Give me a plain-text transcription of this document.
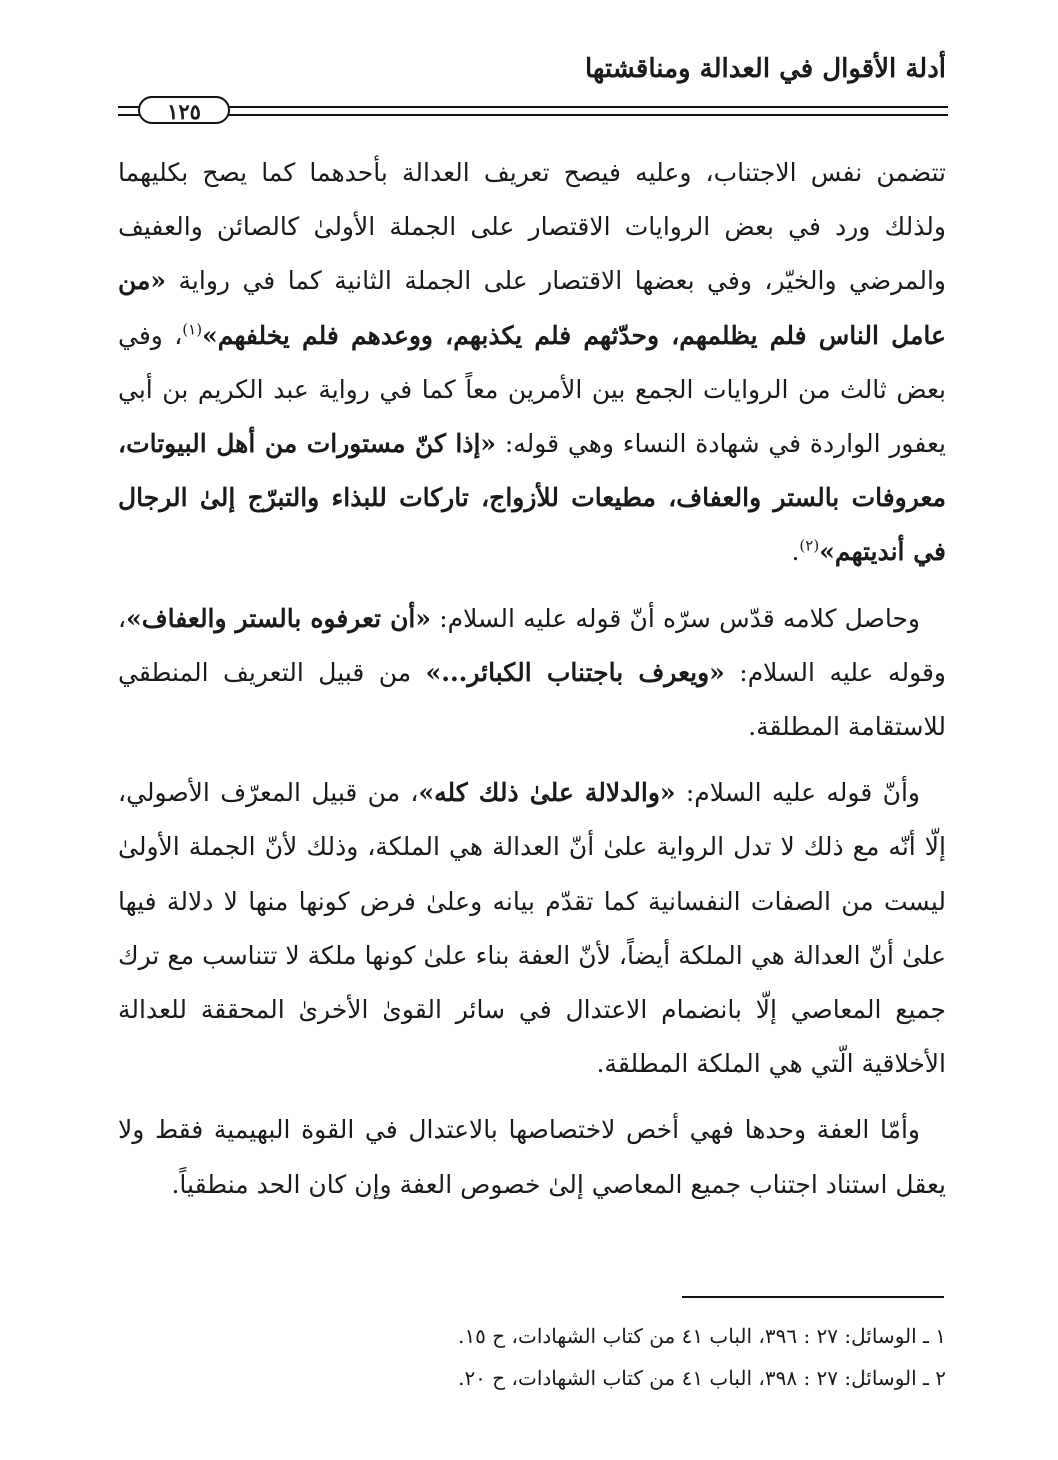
أدلة الأقوال في العدالة ومناقشتها
١٢٥

تتضمن نفس الاجتناب، وعليه فيصح تعريف العدالة بأحدهما كما يصح بكليهما ولذلك ورد في بعض الروايات الاقتصار على الجملة الأولىٰ كالصائن والعفيف والمرضي والخيّر، وفي بعضها الاقتصار على الجملة الثانية كما في رواية «من عامل الناس فلم يظلمهم، وحدّثهم فلم يكذبهم، ووعدهم فلم يخلفهم»$^{(١)}$، وفي بعض ثالث من الروايات الجمع بين الأمرين معاً كما في رواية عبد الكريم بن أبي يعفور الواردة في شهادة النساء وهي قوله: «إذا كنّ مستورات من أهل البيوتات، معروفات بالستر والعفاف، مطيعات للأزواج، تاركات للبذاء والتبرّج إلىٰ الرجال في أنديتهم»$^{(٢)}$.

وحاصل كلامه قدّس سرّه أنّ قوله عليه السلام: «أن تعرفوه بالستر والعفاف»، وقوله عليه السلام: «ويعرف باجتناب الكبائر...» من قبيل التعريف المنطقي للاستقامة المطلقة.

وأنّ قوله عليه السلام: «والدلالة علىٰ ذلك كله»، من قبيل المعرّف الأصولي، إلّا أنّه مع ذلك لا تدل الرواية علىٰ أنّ العدالة هي الملكة، وذلك لأنّ الجملة الأولىٰ ليست من الصفات النفسانية كما تقدّم بيانه وعلىٰ فرض كونها منها لا دلالة فيها علىٰ أنّ العدالة هي الملكة أيضاً، لأنّ العفة بناء علىٰ كونها ملكة لا تتناسب مع ترك جميع المعاصي إلّا بانضمام الاعتدال في سائر القوىٰ الأخرىٰ المحققة للعدالة الأخلاقية الّتي هي الملكة المطلقة.

وأمّا العفة وحدها فهي أخص لاختصاصها بالاعتدال في القوة البهيمية فقط ولا يعقل استناد اجتناب جميع المعاصي إلىٰ خصوص العفة وإن كان الحد منطقياً.

١ ـ الوسائل: ٢٧ : ٣٩٦، الباب ٤١ من كتاب الشهادات، ح ١٥.
٢ ـ الوسائل: ٢٧ : ٣٩٨، الباب ٤١ من كتاب الشهادات، ح ٢٠.
